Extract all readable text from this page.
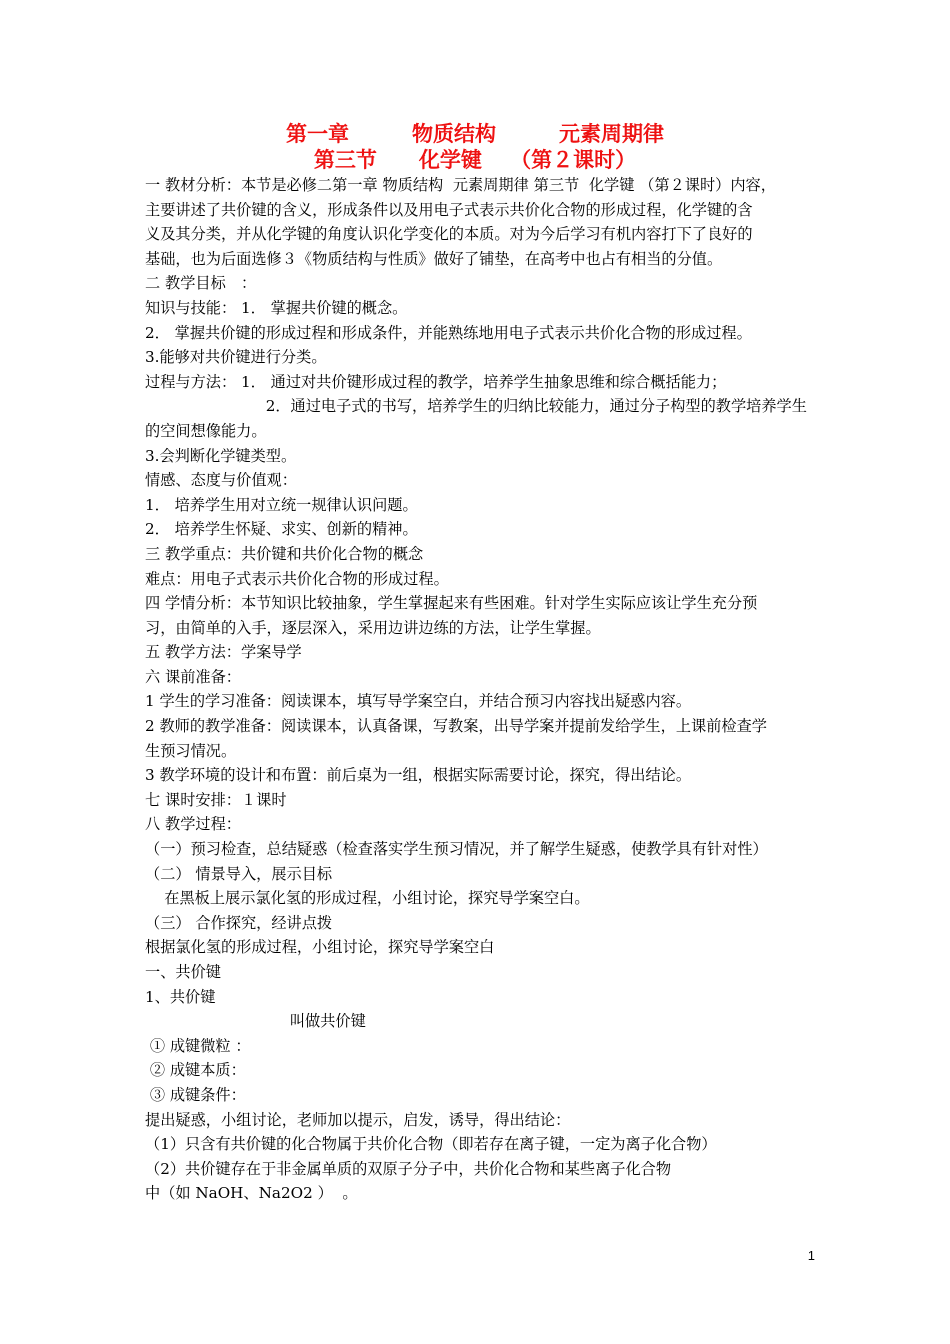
第一章　　　物质结构　　　元素周期律
第三节　　化学键　 （第２课时）
一 教材分析：本节是必修二第一章 物质结构  元素周期律 第三节  化学键 （第２课时）内容，
主要讲述了共价键的含义，形成条件以及用电子式表示共价化合物的形成过程，化学键的含
义及其分类，并从化学键的角度认识化学变化的本质。对为今后学习有机内容打下了良好的
基础，也为后面选修３《物质结构与性质》做好了铺垫，在高考中也占有相当的分值。
二 教学目标　：
知识与技能： 1． 掌握共价键的概念。
2． 掌握共价键的形成过程和形成条件，并能熟练地用电子式表示共价化合物的形成过程。
3.能够对共价键进行分类。
过程与方法： 1． 通过对共价键形成过程的教学，培养学生抽象思维和综合概括能力；
2．通过电子式的书写，培养学生的归纳比较能力，通过分子构型的教学培养学生
的空间想像能力。
3.会判断化学键类型。
情感、态度与价值观：
1． 培养学生用对立统一规律认识问题。
2． 培养学生怀疑、求实、创新的精神。
三 教学重点：共价键和共价化合物的概念
难点：用电子式表示共价化合物的形成过程。
四 学情分析：本节知识比较抽象，学生掌握起来有些困难。针对学生实际应该让学生充分预
习，由简单的入手，逐层深入，采用边讲边练的方法，让学生掌握。
五 教学方法：学案导学
六 课前准备：
1 学生的学习准备：阅读课本，填写导学案空白，并结合预习内容找出疑惑内容。
2 教师的教学准备：阅读课本，认真备课，写教案，出导学案并提前发给学生，上课前检查学
生预习情况。
3 教学环境的设计和布置：前后桌为一组，根据实际需要讨论，探究，得出结论。
七 课时安排：１课时
八 教学过程：
（一）预习检查，总结疑惑（检查落实学生预习情况，并了解学生疑惑，使教学具有针对性）
（二） 情景导入，展示目标
在黑板上展示氯化氢的形成过程，小组讨论，探究导学案空白。
（三） 合作探究，经讲点拨
根据氯化氢的形成过程，小组讨论，探究导学案空白
一、共价键
1、共价键
叫做共价键
① 成键微粒 ：
② 成键本质：
③ 成键条件：
提出疑惑，小组讨论，老师加以提示，启发，诱导，得出结论：
（1）只含有共价键的化合物属于共价化合物（即若存在离子键，一定为离子化合物）
（2）共价键存在于非金属单质的双原子分子中，共价化合物和某些离子化合物
中（如 NaOH、Na2O2 ）  。
1
